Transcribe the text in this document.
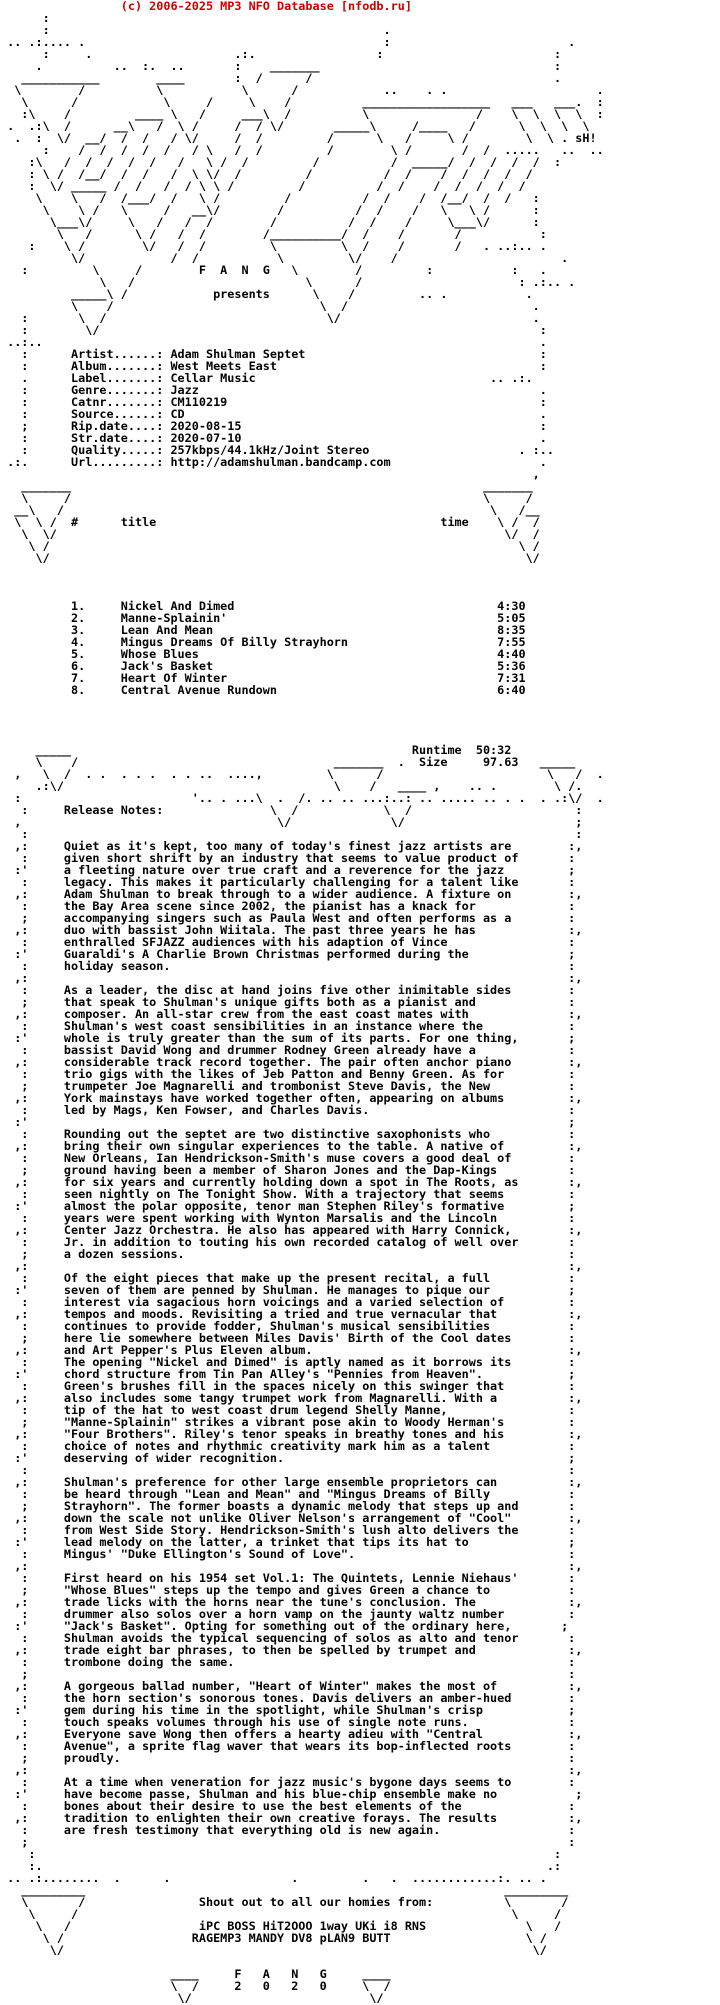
(c) 2006-2025 MP3 NFO Database [nfodb.ru]
:
:                                               .
.. .:.... .                                          :                         .
:     .                    .:.                 :                        :
.          ..  :.  ..       :    _______                                 :
___________        ____       :  /      /                                  .
\        /          \           \      /            ..    . .                     .
\      /            \     /     \    /          __________________   ___   ___.  :
:\    /         ____ \   /     ___\  /          \               /    \  \  \  \  :
.  .:\  /      __\   /  \ /     /  / \/       _____\     /____   /      \  \  \  \
.  :  \/  __/  /  /   / \/     /  /         /      \   /     \ /        \  \ . sH!
:    /  /  /  /  /   / \   /  /         /        \ /       /  /  .....   ..  ..
:\   /  /  /  /  /   /   \ /  /         /          /  _____/  /  /  /  /  :
: \ /  /__/  /  /   /  \ \/  /         /          /  /    /  /  /  /  /
:  \/ _____ /  /   /  / \ \ /         /          /  /    /  /  /  /  /
\    \   /  /___/  /   \ /         /          /  /    /  /__/  /  /   :
\    \ /   \     /   __\/        /          /  /    /   \   \ /      :
\___\/     \   /   /  /        /          /  /    /     \___\/      :
\   /      \ /   /  /        /__________/  /    /       /           :
:    \ /        \/   /  /         \         \  /    /       /   . ..:.. .
\/            /  /           \         \/    /                       .
:         \     /        F  A  N  G   \        /         :           :   .
\   /                        \      /                      : .:.. .
_____\ /            presents      \    /         .. .           .
\    /                             \  /                          .
:       \  /                               \/                           .
:        \/                                                              :
..:..                                                                      .
:      Artist......: Adam Shulman Septet                                 :
:      Album.......: West Meets East                                     :
.      Label.......: Cellar Music                                 .. .:.
:      Genre.......: Jazz                                                .
:      Catnr.......: CM110219                                            :
:      Source......: CD                                                  .
;      Rip.date....: 2020-08-15                                          :
:      Str.date....: 2020-07-10                                          .
:      Quality.....: 257kbps/44.1kHz/Joint Stereo                     . :..
.:.      Url.........: http://adamshulman.bandcamp.com                     .
,
_______                                                          _______
\     /                                                          \     /
__\   /                                                            \   /__
\  \ /  #      title                                        time    \ /  /
\  \/                                                               \/  /
\ /                                                                  \ /
\/                                                                   \/
1.     Nickel And Dimed                                     4:30
2.     Manne-Splainin'                                      5:05
3.     Lean And Mean                                        8:35
4.     Mingus Dreams Of Billy Strayhorn                     7:55
5.     Whose Blues                                          4:40
6.     Jack's Basket                                        5:36
7.     Heart Of Winter                                      7:31
8.     Central Avenue Rundown                               6:40
_____                                                Runtime  50:32
\    /                                    _______  .  Size     97.63   _____
,   \  /  . .  . . .  . . ..  ....,         \      /                       \   /  .
.:\/                                      \    /   ____ ,    .. .        \ /.
:                        '.. . ...\  .  /. .. .. ...:..: .. ..... .. . .  . .:\/  .
:     Release Notes:               \  /            \  /                       :
,                                    \/              \/                        ;
:                                                                             :
,:     Quiet as it's kept, too many of today's finest jazz artists are        :,
:     given short shrift by an industry that seems to value product of       :
:'     a fleeting nature over true craft and a reverence for the jazz         ;
:     legacy. This makes it particularly challenging for a talent like       :
,:     Adam Shulman to break through to a wider audience. A fixture on        :,
:     the Bay Area scene since 2002, the pianist has a knack for             :
;     accompanying singers such as Paula West and often performs as a        :
,:     duo with bassist John Wiitala. The past three years he has             :,
:     enthralled SFJAZZ audiences with his adaption of Vince                 :
:'     Guaraldi's A Charlie Brown Christmas performed during the              ;
:     holiday season.                                                        :
,:                                                                            :,
:     As a leader, the disc at hand joins five other inimitable sides        :
;     that speak to Shulman's unique gifts both as a pianist and             :
,:     composer. An all-star crew from the east coast mates with              :,
:     Shulman's west coast sensibilities in an instance where the            :
:'     whole is truly greater than the sum of its parts. For one thing,       ;
:     bassist David Wong and drummer Rodney Green already have a             :
,:     considerable track record together. The pair often anchor piano        :,
:     trio gigs with the likes of Jeb Patton and Benny Green. As for         :
;     trumpeter Joe Magnarelli and trombonist Steve Davis, the New           :
,:     York mainstays have worked together often, appearing on albums         :,
:     led by Mags, Ken Fowser, and Charles Davis.                            :
:'                                                                            ;
:     Rounding out the septet are two distinctive saxophonists who           :
,:     bring their own singular experiences to the table. A native of         :,
:     New Orleans, Ian Hendrickson-Smith's muse covers a good deal of        :
;     ground having been a member of Sharon Jones and the Dap-Kings          :
,:     for six years and currently holding down a spot in The Roots, as       :,
:     seen nightly on The Tonight Show. With a trajectory that seems         :
:'     almost the polar opposite, tenor man Stephen Riley's formative         ;
:     years were spent working with Wynton Marsalis and the Lincoln          :
,:     Center Jazz Orchestra. He also has appeared with Harry Connick,        :,
:     Jr. in addition to touting his own recorded catalog of well over       :
;     a dozen sessions.                                                      :
,:                                                                            :,
:     Of the eight pieces that make up the present recital, a full           :
:'     seven of them are penned by Shulman. He manages to pique our           ;
:     interest via sagacious horn voicings and a varied selection of         :
,:     tempos and moods. Revisiting a tried and true vernacular that          :,
:     continues to provide fodder, Shulman's musical sensibilities           :
;     here lie somewhere between Miles Davis' Birth of the Cool dates        :
,:     and Art Pepper's Plus Eleven album.                                    :,
:     The opening "Nickel and Dimed" is aptly named as it borrows its        :
:'     chord structure from Tin Pan Alley's "Pennies from Heaven".            ;
:     Green's brushes fill in the spaces nicely on this swinger that         :
,:     also includes some tangy trumpet work from Magnarelli. With a          :,
:     tip of the hat to west coast drum legend Shelly Manne,                 :
;     "Manne-Splainin" strikes a vibrant pose akin to Woody Herman's         :
,:     "Four Brothers". Riley's tenor speaks in breathy tones and his         :,
:     choice of notes and rhythmic creativity mark him as a talent           :
:'     deserving of wider recognition.                                        ;
:                                                                            :
,:     Shulman's preference for other large ensemble proprietors can          :,
:     be heard through "Lean and Mean" and "Mingus Dreams of Billy           :
;     Strayhorn". The former boasts a dynamic melody that steps up and       :
,:     down the scale not unlike Oliver Nelson's arrangement of "Cool"        :,
:     from West Side Story. Hendrickson-Smith's lush alto delivers the       :
:'     lead melody on the latter, a trinket that tips its hat to              ;
:     Mingus' "Duke Ellington's Sound of Love".                              :
,:                                                                            :,
:     First heard on his 1954 set Vol.1: The Quintets, Lennie Niehaus'       :
;     "Whose Blues" steps up the tempo and gives Green a chance to           :
,:     trade licks with the horns near the tune's conclusion. The             :,
:     drummer also solos over a horn vamp on the jaunty waltz number         :
:'     "Jack's Basket". Opting for something out of the ordinary here,       ;
:     Shulman avoids the typical sequencing of solos as alto and tenor       :
,:     trade eight bar phrases, to then be spelled by trumpet and             :,
:     trombone doing the same.                                               :
;                                                                            :
,:     A gorgeous ballad number, "Heart of Winter" makes the most of          :,
:     the horn section's sonorous tones. Davis delivers an amber-hued        :
:'     gem during his time in the spotlight, while Shulman's crisp            ;
:     touch speaks volumes through his use of single note runs.              :
,:     Everyone save Wong then offers a hearty adieu with "Central            :,
:     Avenue", a sprite flag waver that wears its bop-inflected roots        :
;     proudly.                                                               :
,:                                                                            :,
:     At a time when veneration for jazz music's bygone days seems to        :
:'     have become passe, Shulman and his blue-chip ensemble make no           ;
:     bones about their desire to use the best elements of the               :
,:     tradition to enlighten their own creative forays. The results          :,
:     are fresh testimony that everything old is new again.                  :
;                                                                            :
:                                                                         :
:.                                                                       .:
.. .:........  .      .                 .         .   .  ............:. .. .
_________                                                           _________
\       /                Shout out to all our homies from:          \       /
\     /                                                             \     /
\   /                  iPC BOSS HiT2OOO 1way UKi i8 RNS              \   /
\ /                  RAGEMP3 MANDY DV8 pLAN9 BUTT                   \ /
\/                                                                  \/
____     F   A   N   G     ____
\  /     2   0   2   0     \  /
\/                         \/
